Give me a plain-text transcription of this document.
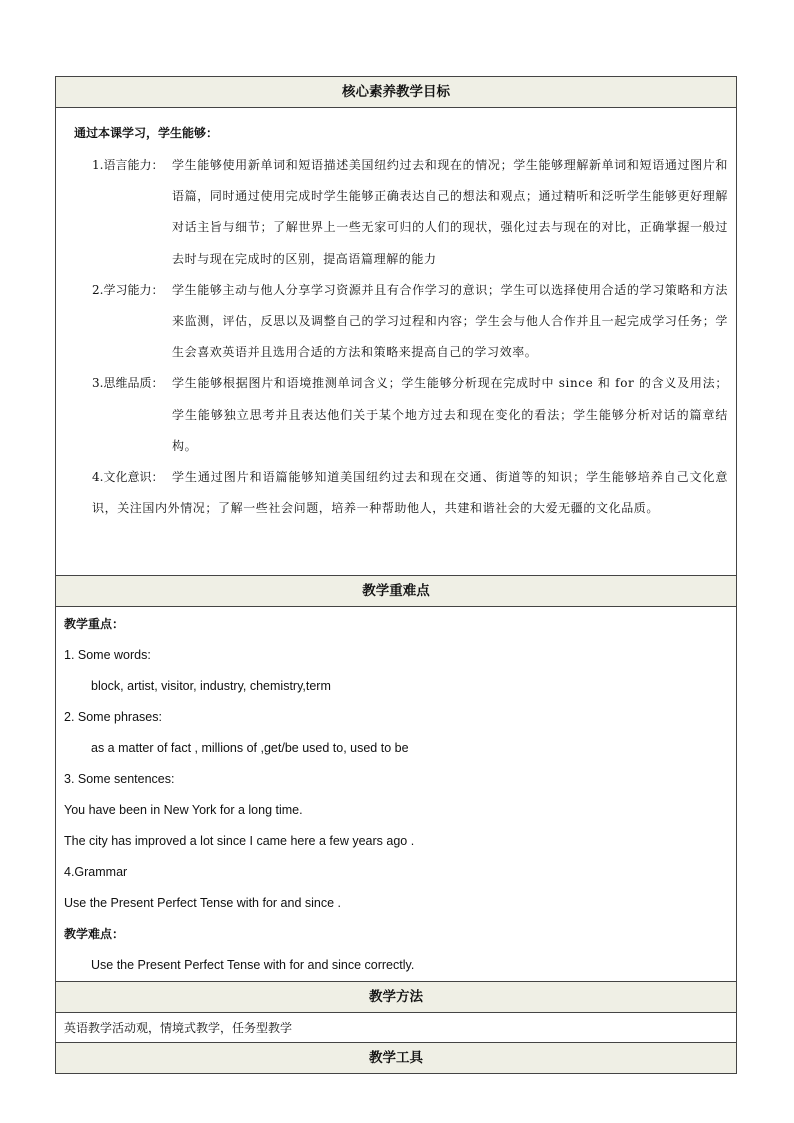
核心素养教学目标
通过本课学习，学生能够：
1.语言能力： 学生能够使用新单词和短语描述美国纽约过去和现在的情况；学生能够理解新单词和短语通过图片和语篇，同时通过使用完成时学生能够正确表达自己的想法和观点；通过精听和泛听学生能够更好理解对话主旨与细节；了解世界上一些无家可归的人们的现状，强化过去与现在的对比，正确掌握一般过去时与现在完成时的区别，提高语篇理解的能力
2.学习能力： 学生能够主动与他人分享学习资源并且有合作学习的意识；学生可以选择使用合适的学习策略和方法来监测，评估，反思以及调整自己的学习过程和内容；学生会与他人合作并且一起完成学习任务；学生会喜欢英语并且选用合适的方法和策略来提高自己的学习效率。
3.思维品质： 学生能够根据图片和语境推测单词含义；学生能够分析现在完成时中 since 和 for 的含义及用法；学生能够独立思考并且表达他们关于某个地方过去和现在变化的看法；学生能够分析对话的篇章结构。
4.文化意识： 学生通过图片和语篇能够知道美国纽约过去和现在交通、街道等的知识；学生能够培养自己文化意识，关注国内外情况；了解一些社会问题，培养一种帮助他人，共建和谐社会的大爱无疆的文化品质。
教学重难点
教学重点：
1. Some words:
block, artist, visitor, industry, chemistry,term
2. Some phrases:
as a matter of fact , millions of ,get/be used to, used to be
3. Some sentences:
You have been in New York for a long time.
The city has improved a lot since I came here a few years ago .
4.Grammar
Use the Present Perfect Tense with for and since .
教学难点：
Use the Present Perfect Tense with for and since correctly.
教学方法
英语教学活动观，情境式教学，任务型教学
教学工具
